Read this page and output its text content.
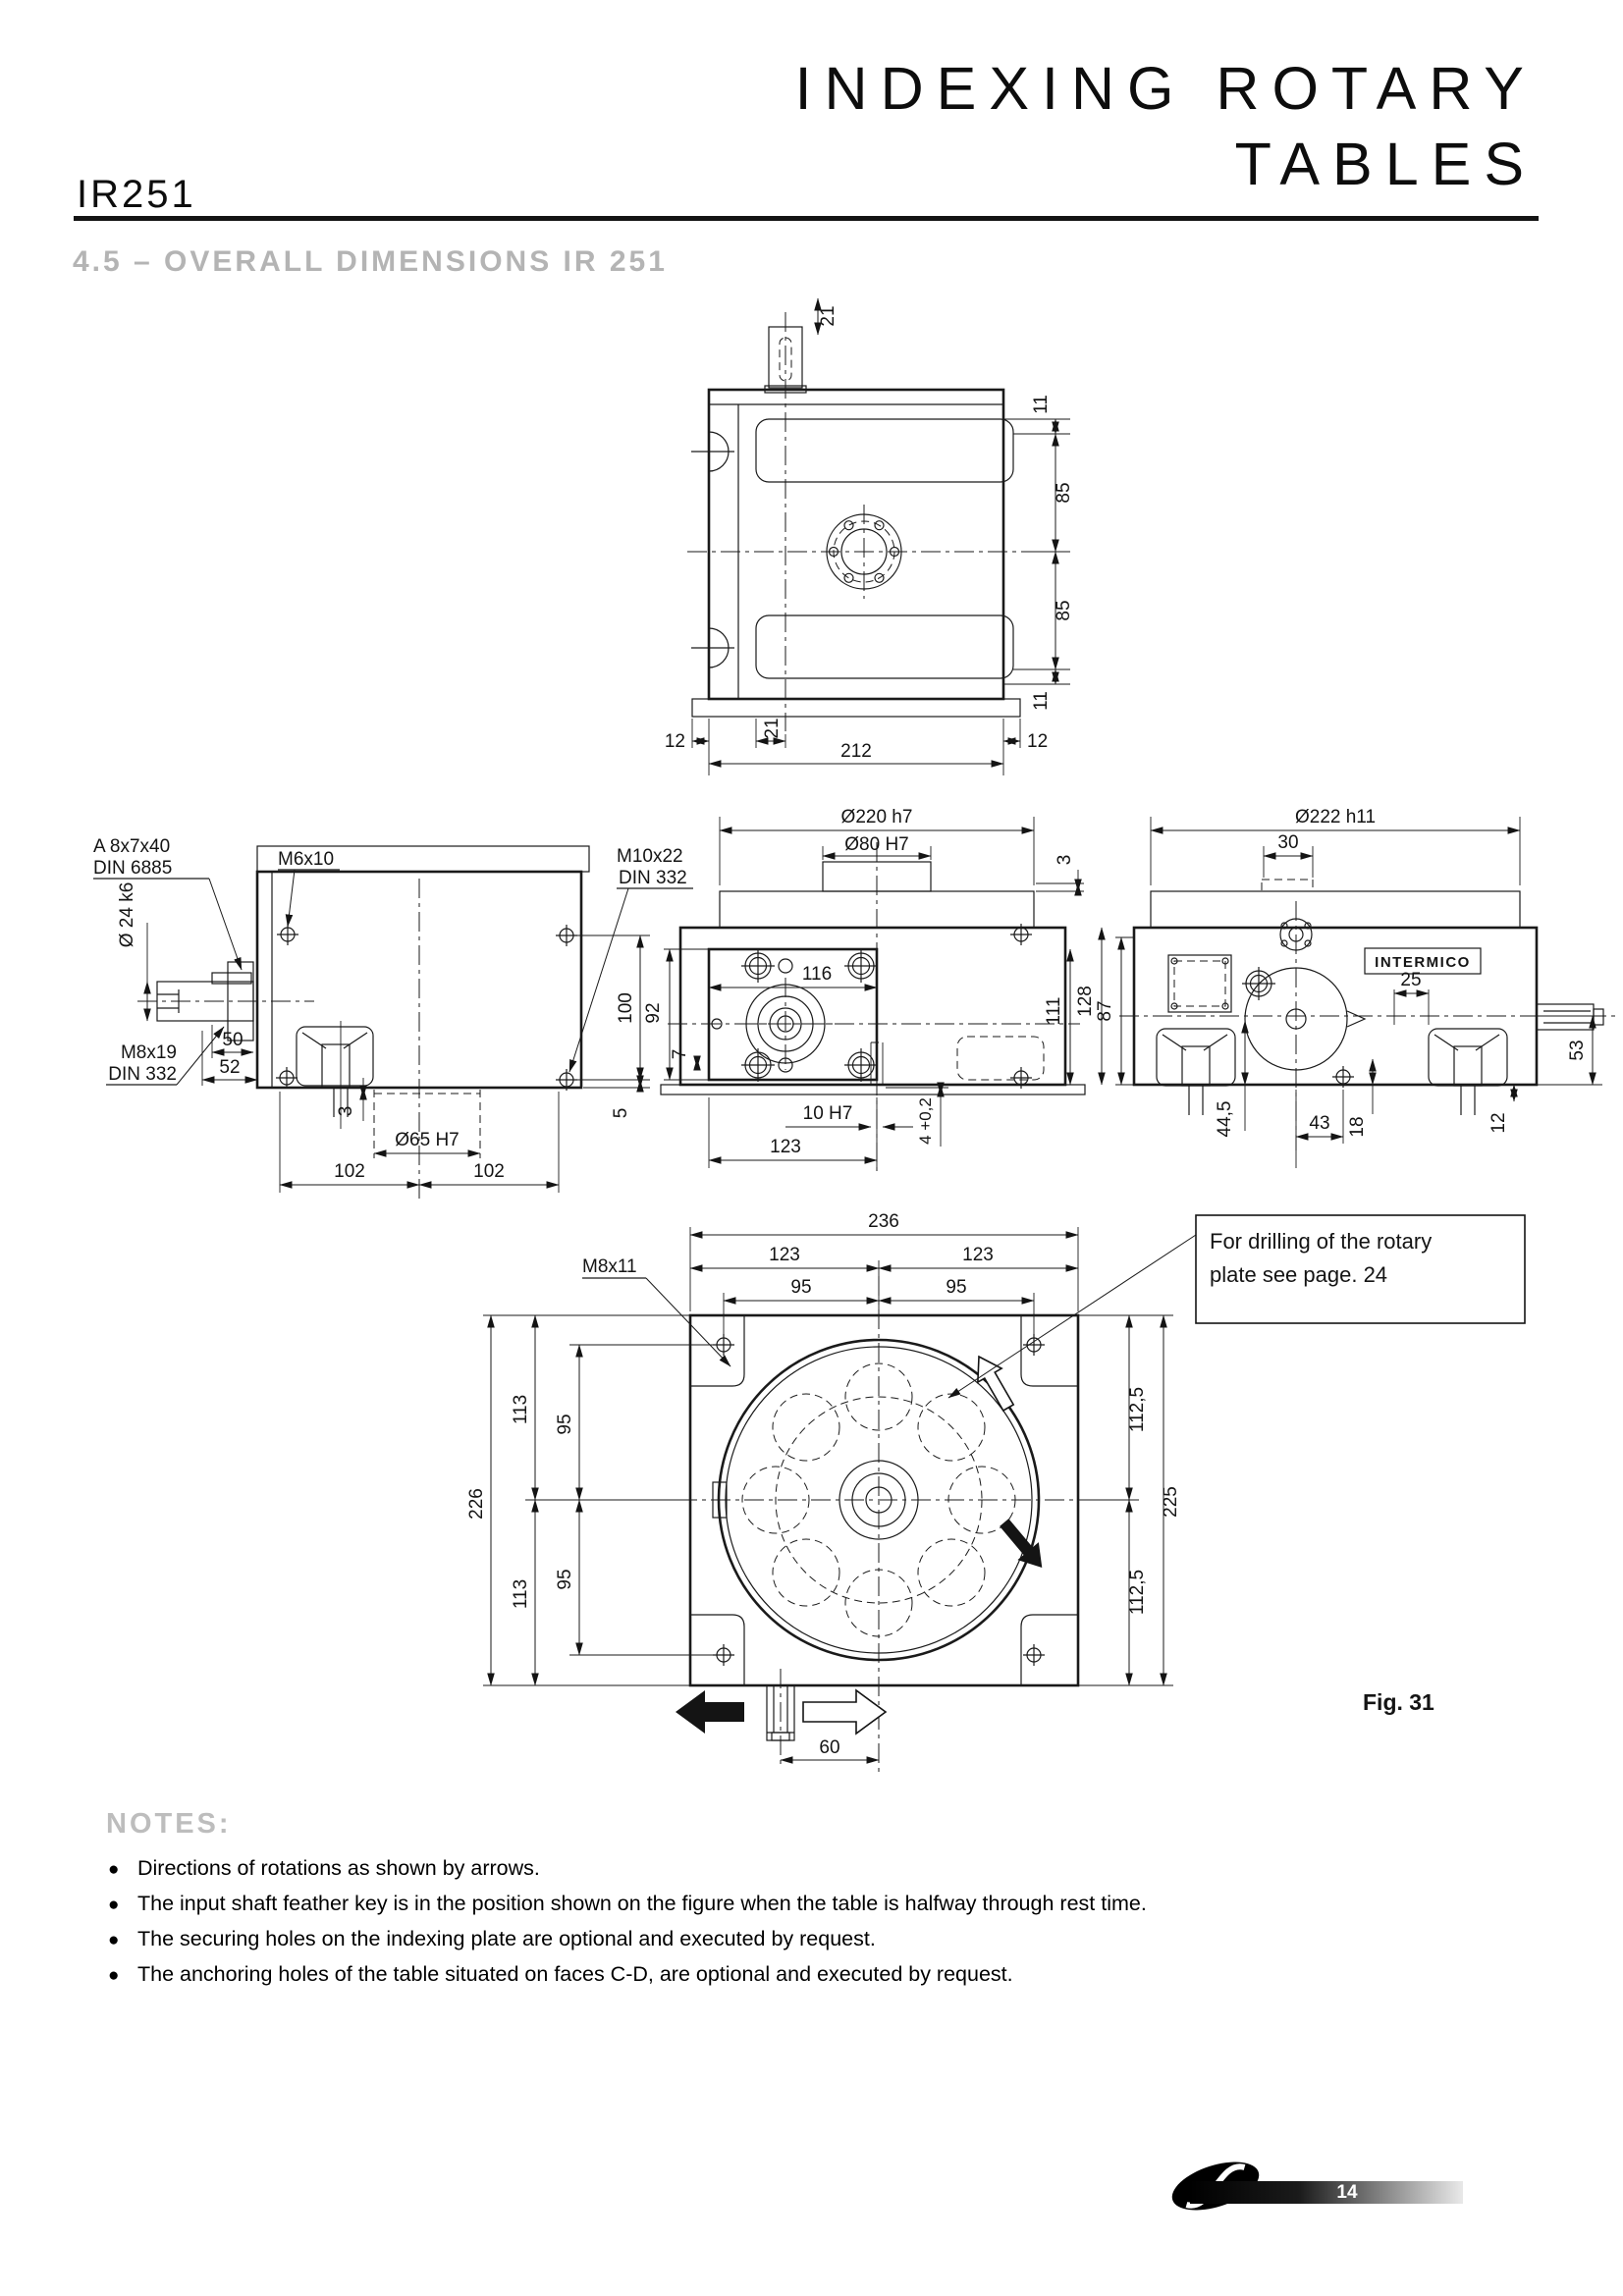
INDEXING ROTARY
TABLES
IR251
4.5 – OVERALL DIMENSIONS IR 251
21
11
85
85
11
12
21
12
212
A 8x7x40
DIN 6885	M6x10
Ø 24 k6
M8x19
DIN 332
50
52
3
Ø65 H7
102	102
100
5
M10x22
DIN 332
Ø220 h7
Ø80 H7
3
116
92
7
111 128
10 H7
123
4 +0,2
Ø222 h11
30
INTERMICO
25
87
44,5	43 18	12
53
M8x11
236
123	123
95	95
226
113
113
95
95
112,5
112,5
225
60
For drilling of the rotary
plate see page. 24
Fig. 31
NOTES:
● Directions of rotations as shown by arrows.
● The input shaft feather key is in the position shown on the figure when the table is halfway through rest time.
● The securing holes on the indexing plate are optional and executed by request.
● The anchoring holes of the table situated on faces C-D, are optional and executed by request.
14
